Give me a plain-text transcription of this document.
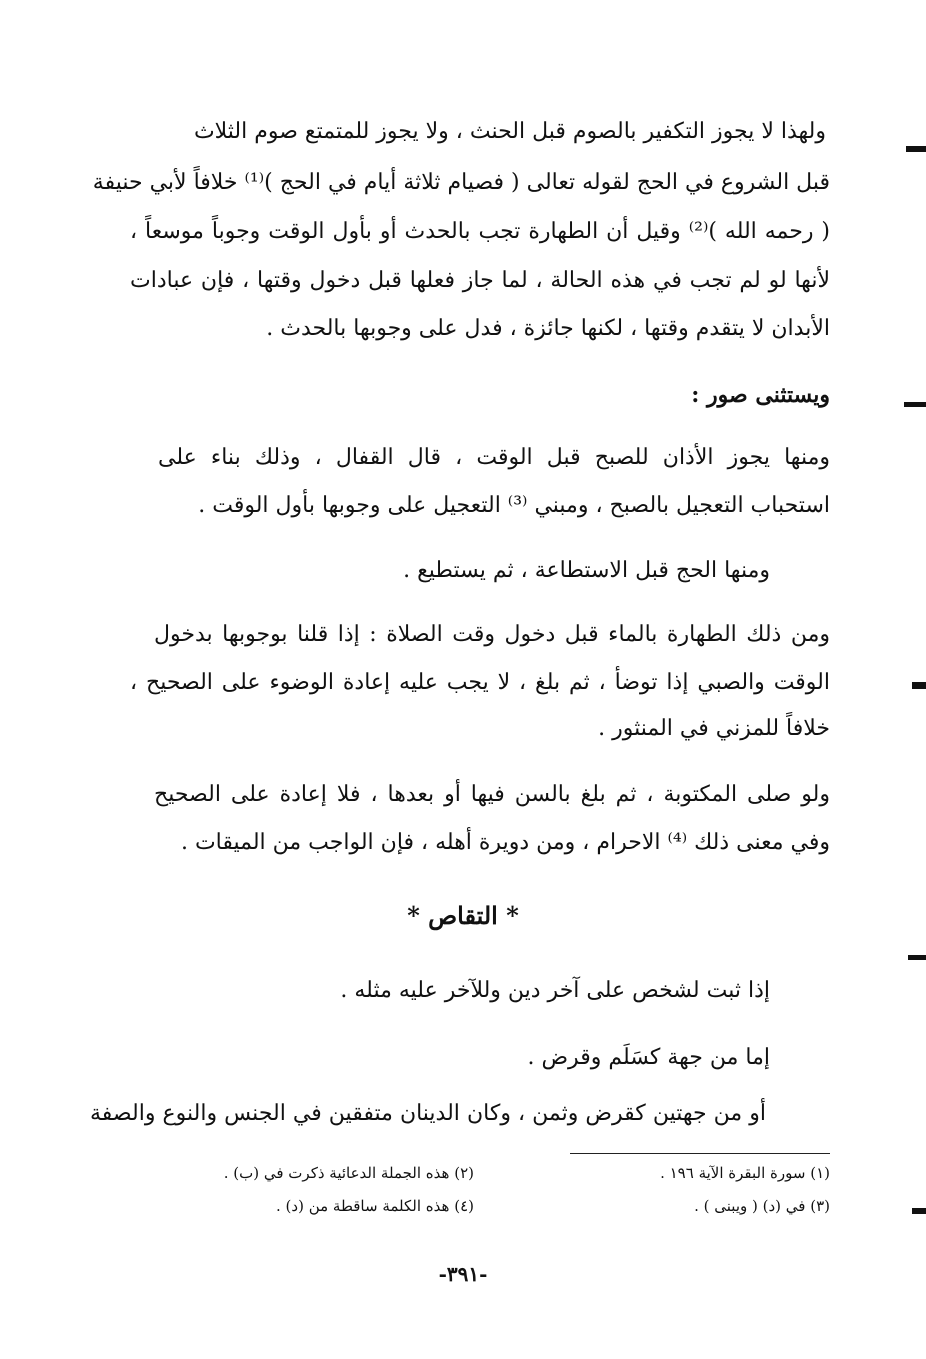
ولهذا لا يجوز التكفير بالصوم قبل الحنث ، ولا يجوز للمتمتع صوم الثلاث
قبل الشروع في الحج لقوله تعالى ( فصيام ثلاثة أيام في الحج )⁽¹⁾ خلافاً لأبي حنيفة
( رحمه الله )⁽²⁾ وقيل أن الطهارة تجب بالحدث أو بأول الوقت وجوباً موسعاً ،
لأنها لو لم تجب في هذه الحالة ، لما جاز فعلها قبل دخول وقتها ، فإن عبادات
الأبدان لا يتقدم وقتها ، لكنها جائزة ، فدل على وجوبها بالحدث .
ويستثنى صور :
ومنها يجوز الأذان للصبح قبل الوقت ، قال القفال ، وذلك بناء على
استحباب التعجيل بالصبح ، ومبني ⁽³⁾ التعجيل على وجوبها بأول الوقت .
ومنها الحج قبل الاستطاعة ، ثم يستطيع .
ومن ذلك الطهارة بالماء قبل دخول وقت الصلاة : إذا قلنا بوجوبها بدخول
الوقت والصبي إذا توضأ ، ثم بلغ ، لا يجب عليه إعادة الوضوء على الصحيح ،
خلافاً للمزني في المنثور .
ولو صلى المكتوبة ، ثم بلغ بالسن فيها أو بعدها ، فلا إعادة على الصحيح
وفي معنى ذلك ⁽⁴⁾ الاحرام ، ومن دويرة أهله ، فإن الواجب من الميقات .
* التقاص *
إذا ثبت لشخص على آخر دين وللآخر عليه مثله .
إما من جهة كسَلَم وقرض .
أو من جهتين كقرض وثمن ، وكان الدينان متفقين في الجنس والنوع والصفة
(١) سورة البقرة الآية ١٩٦ .
(٢) هذه الجملة الدعائية ذكرت في (ب) .
(٣) في (د) ( ويبنى ) .
(٤) هذه الكلمة ساقطة من (د) .
-٣٩١-
